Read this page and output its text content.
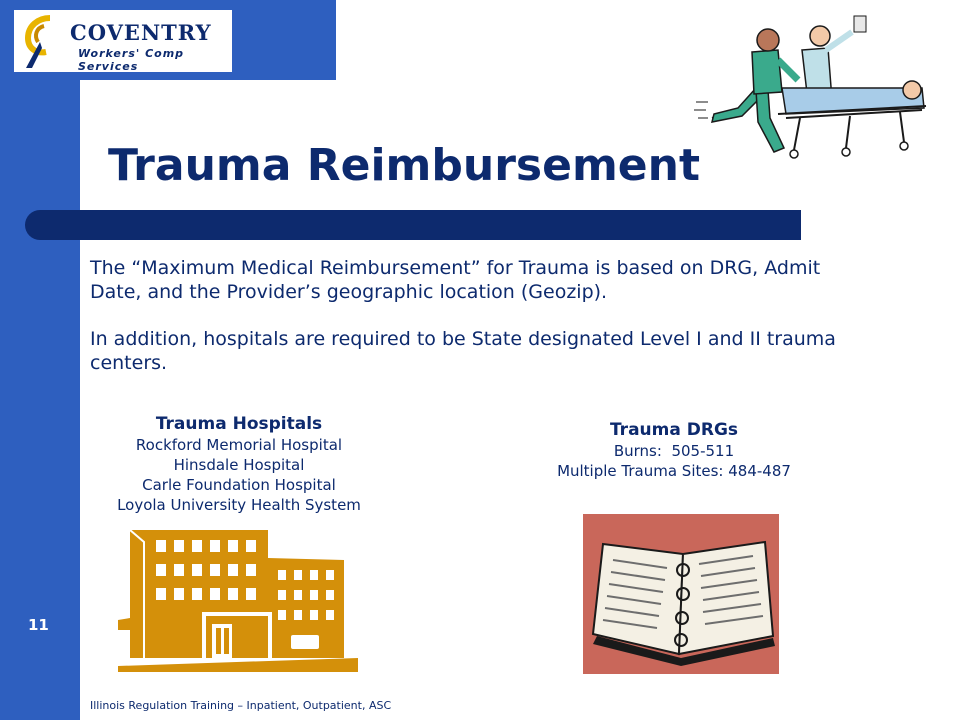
COVENTRY
Workers' Comp Services
Trauma Reimbursement
The “Maximum Medical Reimbursement” for Trauma is based on DRG, Admit Date, and the Provider’s geographic location (Geozip).
In addition, hospitals are required to be State designated Level I and II trauma centers.
Trauma Hospitals
Rockford Memorial Hospital
Hinsdale Hospital
Carle Foundation Hospital
Loyola University Health System
Trauma DRGs
Burns:  505-511
Multiple Trauma Sites: 484-487
11
Illinois Regulation Training – Inpatient, Outpatient, ASC
